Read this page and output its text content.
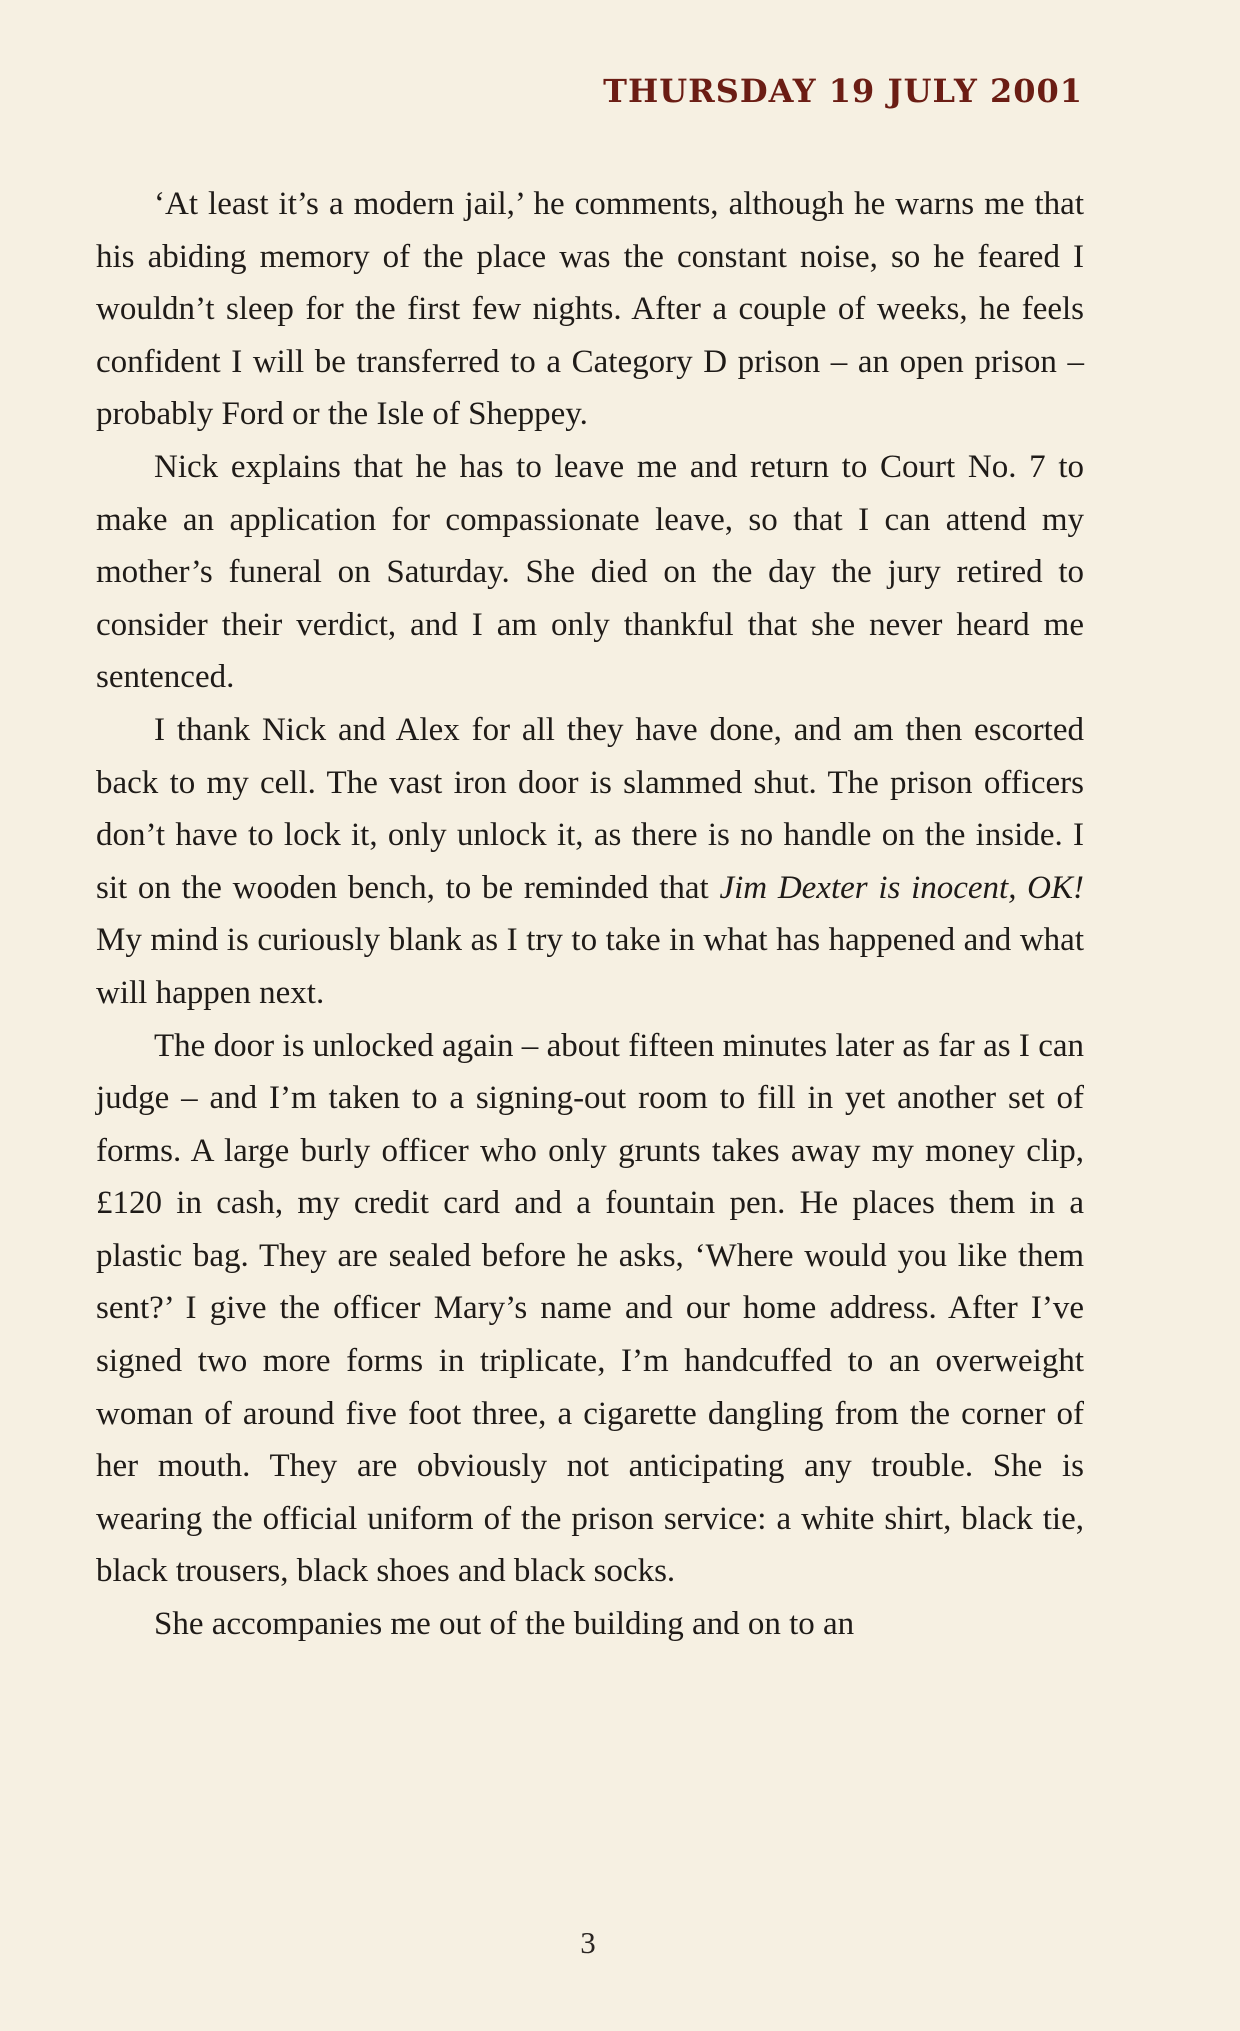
THURSDAY 19 JULY 2001

‘At least it’s a modern jail,’ he comments, although he warns me that his abiding memory of the place was the constant noise, so he feared I wouldn’t sleep for the first few nights. After a couple of weeks, he feels confident I will be transferred to a Category D prison – an open prison – probably Ford or the Isle of Sheppey.

Nick explains that he has to leave me and return to Court No. 7 to make an application for compassionate leave, so that I can attend my mother’s funeral on Saturday. She died on the day the jury retired to consider their verdict, and I am only thankful that she never heard me sentenced.

I thank Nick and Alex for all they have done, and am then escorted back to my cell. The vast iron door is slammed shut. The prison officers don’t have to lock it, only unlock it, as there is no handle on the inside. I sit on the wooden bench, to be reminded that Jim Dexter is inocent, OK! My mind is curiously blank as I try to take in what has happened and what will happen next.

The door is unlocked again – about fifteen minutes later as far as I can judge – and I’m taken to a signing-out room to fill in yet another set of forms. A large burly officer who only grunts takes away my money clip, £120 in cash, my credit card and a fountain pen. He places them in a plastic bag. They are sealed before he asks, ‘Where would you like them sent?’ I give the officer Mary’s name and our home address. After I’ve signed two more forms in triplicate, I’m handcuffed to an overweight woman of around five foot three, a cigarette dangling from the corner of her mouth. They are obviously not anticipating any trouble. She is wearing the official uniform of the prison service: a white shirt, black tie, black trousers, black shoes and black socks.

She accompanies me out of the building and on to an

3
